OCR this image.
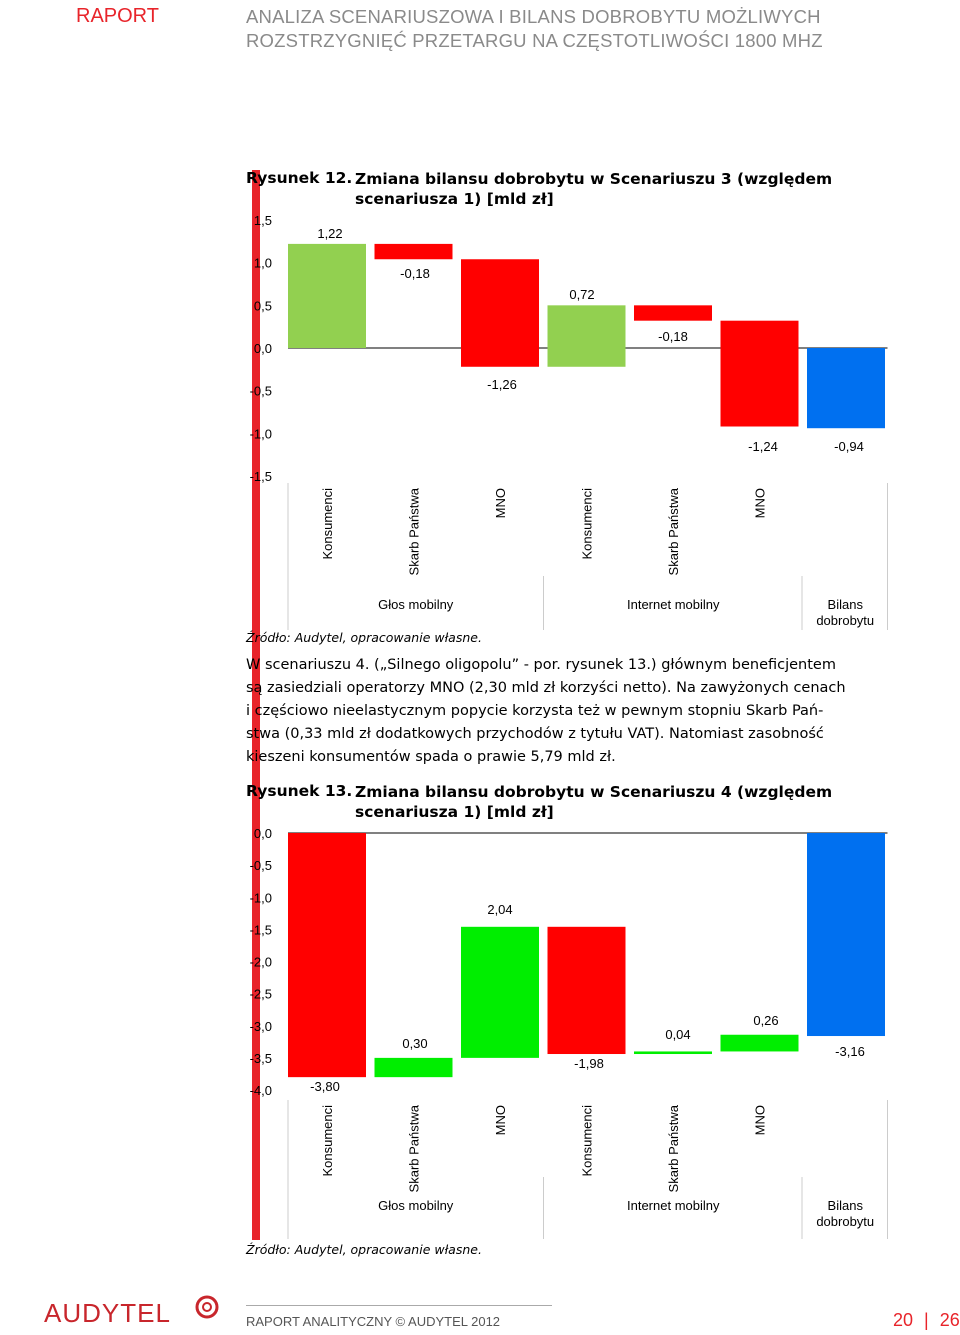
RAPORT	ANALIZA SCENARIUSZOWA I BILANS DOBROBYTU MOŻLIWYCH
ROZSTRZYGNIĘĆ PRZETARGU NA CZĘSTOTLIWOŚCI 1800 MHZ
Rysunek 12. Zmiana bilansu dobrobytu w Scenariuszu 3 (względem
scenariusza 1) [mld zł]
1,5
1,0
0,5
0,0
-0,5
-1,0
-1,5
1,22
-0,18
-1,26
0,72
-0,18
-1,24	-0,94
Konsumenci	Skarb Państwa	MNO	Konsumenci	Skarb Państwa	MNO
Głos mobilny	Internet mobilny	Bilans
dobrobytu
Źródło: Audytel, opracowanie własne.
W scenariuszu 4. („Silnego oligopolu” - por. rysunek 13.) głównym beneficjentem
są zasiedziali operatorzy MNO (2,30 mld zł korzyści netto). Na zawyżonych cenach
i częściowo nieelastycznym popycie korzysta też w pewnym stopniu Skarb Pań-
stwa (0,33 mld zł dodatkowych przychodów z tytułu VAT). Natomiast zasobność
kieszeni konsumentów spada o prawie 5,79 mld zł.
Rysunek 13. Zmiana bilansu dobrobytu w Scenariuszu 4 (względem
scenariusza 1) [mld zł]
0,0
-0,5
-1,0
-1,5
-2,0
-2,5
-3,0
-3,5
-4,0	-3,80
0,30
2,04
-1,98
0,04
0,26
-3,16
Konsumenci	Skarb Państwa	MNO	Konsumenci	Skarb Państwa	MNO
Głos mobilny	Internet mobilny	Bilans
dobrobytu
Źródło: Audytel, opracowanie własne.
AUDYTEL	RAPORT ANALITYCZNY © AUDYTEL 2012	20 | 26
